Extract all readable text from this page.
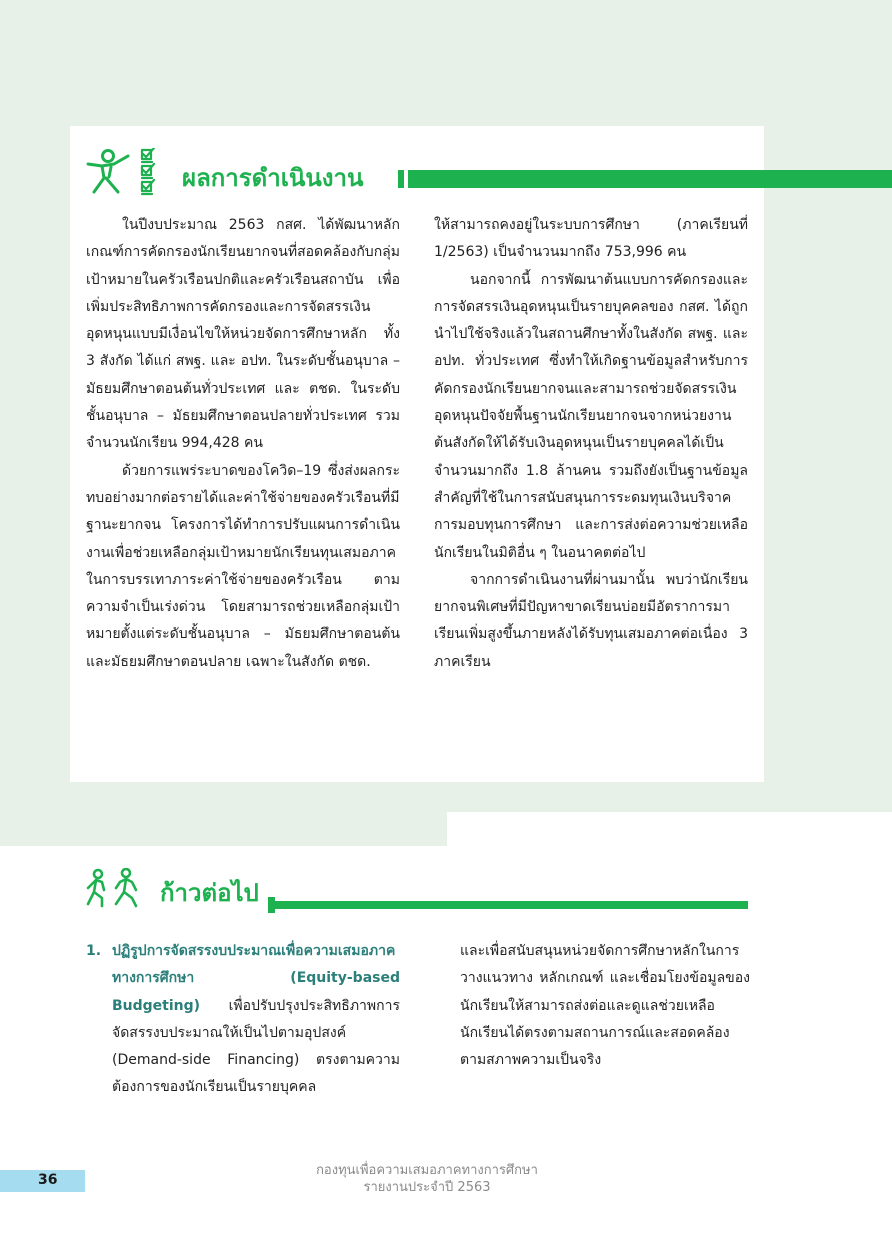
ผลการดำเนินงาน

ในปีงบประมาณ 2563 กสศ. ได้พัฒนาหลักเกณฑ์การคัดกรองนักเรียนยากจนที่สอดคล้องกับกลุ่มเป้าหมายในครัวเรือนปกติและครัวเรือนสถาบัน เพื่อเพิ่มประสิทธิภาพการคัดกรองและการจัดสรรเงินอุดหนุนแบบมีเงื่อนไขให้หน่วยจัดการศึกษาหลัก ทั้ง 3 สังกัด ได้แก่ สพฐ. และ อปท. ในระดับชั้นอนุบาล – มัธยมศึกษาตอนต้นทั่วประเทศ และ ตชด. ในระดับชั้นอนุบาล – มัธยมศึกษาตอนปลายทั่วประเทศ รวมจำนวนนักเรียน 994,428 คน

ด้วยการแพร่ระบาดของโควิด–19 ซึ่งส่งผลกระทบอย่างมากต่อรายได้และค่าใช้จ่ายของครัวเรือนที่มีฐานะยากจน โครงการได้ทำการปรับแผนการดำเนินงานเพื่อช่วยเหลือกลุ่มเป้าหมายนักเรียนทุนเสมอภาคในการบรรเทาภาระค่าใช้จ่ายของครัวเรือน ตามความจำเป็นเร่งด่วน โดยสามารถช่วยเหลือกลุ่มเป้าหมายตั้งแต่ระดับชั้นอนุบาล – มัธยมศึกษาตอนต้นและมัธยมศึกษาตอนปลาย เฉพาะในสังกัด ตชด.

ให้สามารถคงอยู่ในระบบการศึกษา (ภาคเรียนที่ 1/2563) เป็นจำนวนมากถึง 753,996 คน

นอกจากนี้ การพัฒนาต้นแบบการคัดกรองและการจัดสรรเงินอุดหนุนเป็นรายบุคคลของ กสศ. ได้ถูกนำไปใช้จริงแล้วในสถานศึกษาทั้งในสังกัด สพฐ. และ อปท. ทั่วประเทศ ซึ่งทำให้เกิดฐานข้อมูลสำหรับการคัดกรองนักเรียนยากจนและสามารถช่วยจัดสรรเงินอุดหนุนปัจจัยพื้นฐานนักเรียนยากจนจากหน่วยงานต้นสังกัดให้ได้รับเงินอุดหนุนเป็นรายบุคคลได้เป็นจำนวนมากถึง 1.8 ล้านคน รวมถึงยังเป็นฐานข้อมูลสำคัญที่ใช้ในการสนับสนุนการระดมทุนเงินบริจาค การมอบทุนการศึกษา และการส่งต่อความช่วยเหลือนักเรียนในมิติอื่น ๆ ในอนาคตต่อไป

จากการดำเนินงานที่ผ่านมานั้น พบว่านักเรียนยากจนพิเศษที่มีปัญหาขาดเรียนบ่อยมีอัตราการมาเรียนเพิ่มสูงขึ้นภายหลังได้รับทุนเสมอภาคต่อเนื่อง 3 ภาคเรียน

ก้าวต่อไป
1. ปฏิรูปการจัดสรรงบประมาณเพื่อความเสมอภาคทางการศึกษา (Equity-based Budgeting) เพื่อปรับปรุงประสิทธิภาพการจัดสรรงบประมาณให้เป็นไปตามอุปสงค์ (Demand-side Financing) ตรงตามความต้องการของนักเรียนเป็นรายบุคคล

และเพื่อสนับสนุนหน่วยจัดการศึกษาหลักในการวางแนวทาง หลักเกณฑ์ และเชื่อมโยงข้อมูลของนักเรียนให้สามารถส่งต่อและดูแลช่วยเหลือนักเรียนได้ตรงตามสถานการณ์และสอดคล้องตามสภาพความเป็นจริง

36
กองทุนเพื่อความเสมอภาคทางการศึกษา
รายงานประจำปี 2563
